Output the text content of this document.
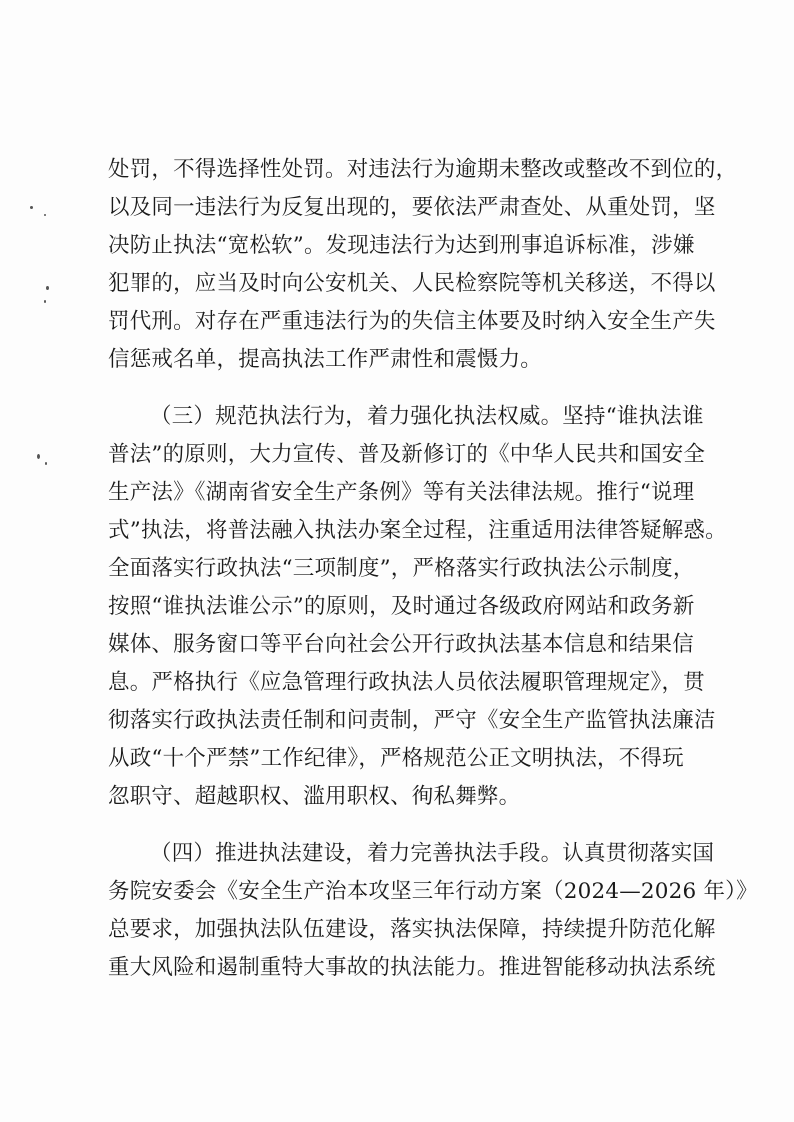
处罚，不得选择性处罚。对违法行为逾期未整改或整改不到位的，
以及同一违法行为反复出现的，要依法严肃查处、从重处罚，坚
决防止执法“宽松软”。发现违法行为达到刑事追诉标准，涉嫌
犯罪的，应当及时向公安机关、人民检察院等机关移送，不得以
罚代刑。对存在严重违法行为的失信主体要及时纳入安全生产失
信惩戒名单，提高执法工作严肃性和震慑力。
（三）规范执法行为，着力强化执法权威。坚持“谁执法谁
普法”的原则，大力宣传、普及新修订的《中华人民共和国安全
生产法》《湖南省安全生产条例》等有关法律法规。推行“说理
式”执法，将普法融入执法办案全过程，注重适用法律答疑解惑。
全面落实行政执法“三项制度”，严格落实行政执法公示制度，
按照“谁执法谁公示”的原则，及时通过各级政府网站和政务新
媒体、服务窗口等平台向社会公开行政执法基本信息和结果信
息。严格执行《应急管理行政执法人员依法履职管理规定》，贯
彻落实行政执法责任制和问责制，严守《安全生产监管执法廉洁
从政“十个严禁”工作纪律》，严格规范公正文明执法，不得玩
忽职守、超越职权、滥用职权、徇私舞弊。
（四）推进执法建设，着力完善执法手段。认真贯彻落实国
务院安委会《安全生产治本攻坚三年行动方案（2024—2026 年）》
总要求，加强执法队伍建设，落实执法保障，持续提升防范化解
重大风险和遏制重特大事故的执法能力。推进智能移动执法系统
